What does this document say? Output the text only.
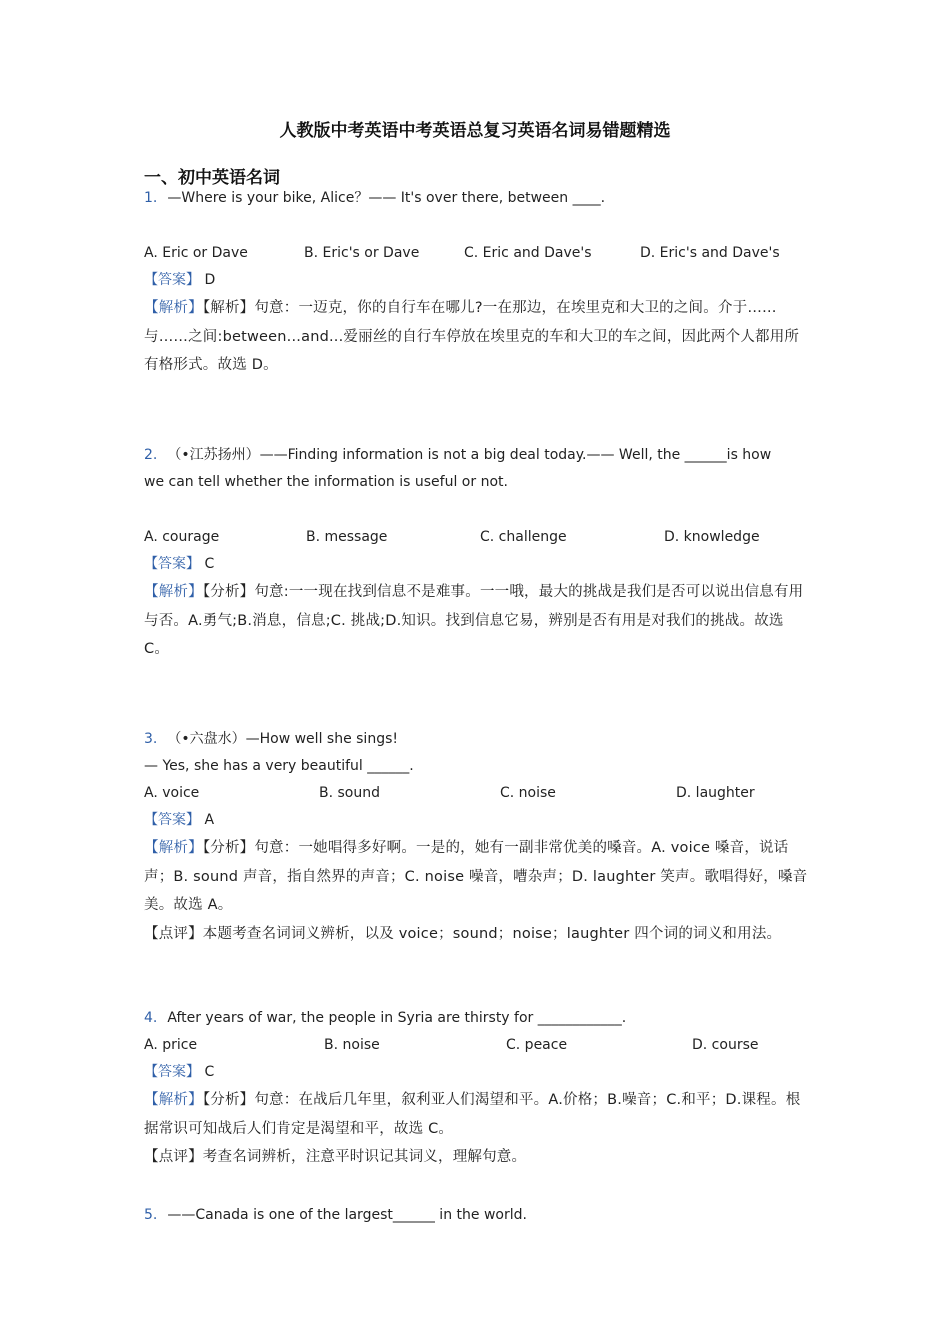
人教版中考英语中考英语总复习英语名词易错题精选
一、初中英语名词
1. —Where is your bike, Alice？—— It's over there, between ____.
A. Eric or Dave	B. Eric's or Dave	C. Eric and Dave's	D. Eric's and Dave's
【答案】 D
【解析】【解析】句意：一迈克，你的自行车在哪儿?一在那边，在埃里克和大卫的之间。介于……与……之间:between...and...爱丽丝的自行车停放在埃里克的车和大卫的车之间，因此两个人都用所有格形式。故选 D。
2. （•江苏扬州）——Finding information is not a big deal today.—— Well, the ______is how
we can tell whether the information is useful or not.
A. courage	B. message	C. challenge	D. knowledge
【答案】 C
【解析】【分析】句意:一一现在找到信息不是难事。一一哦，最大的挑战是我们是否可以说出信息有用与否。A.勇气;B.消息，信息;C. 挑战;D.知识。找到信息它易，辨别是否有用是对我们的挑战。故选 C。
3. （•六盘水）—How well she sings!
— Yes, she has a very beautiful ______.
A. voice	B. sound	C. noise	D. laughter
【答案】 A
【解析】【分析】句意：一她唱得多好啊。一是的，她有一副非常优美的嗓音。A. voice 嗓音，说话声；B. sound 声音，指自然界的声音；C. noise 噪音，嘈杂声；D. laughter 笑声。歌唱得好，嗓音美。故选 A。
【点评】本题考查名词词义辨析，以及 voice；sound；noise；laughter 四个词的词义和用法。
4. After years of war, the people in Syria are thirsty for ____________.
A. price	B. noise	C. peace	D. course
【答案】 C
【解析】【分析】句意：在战后几年里，叙利亚人们渴望和平。A.价格；B.噪音；C.和平；D.课程。根据常识可知战后人们肯定是渴望和平，故选 C。
【点评】考查名词辨析，注意平时识记其词义，理解句意。
5. ——Canada is one of the largest______ in the world.
